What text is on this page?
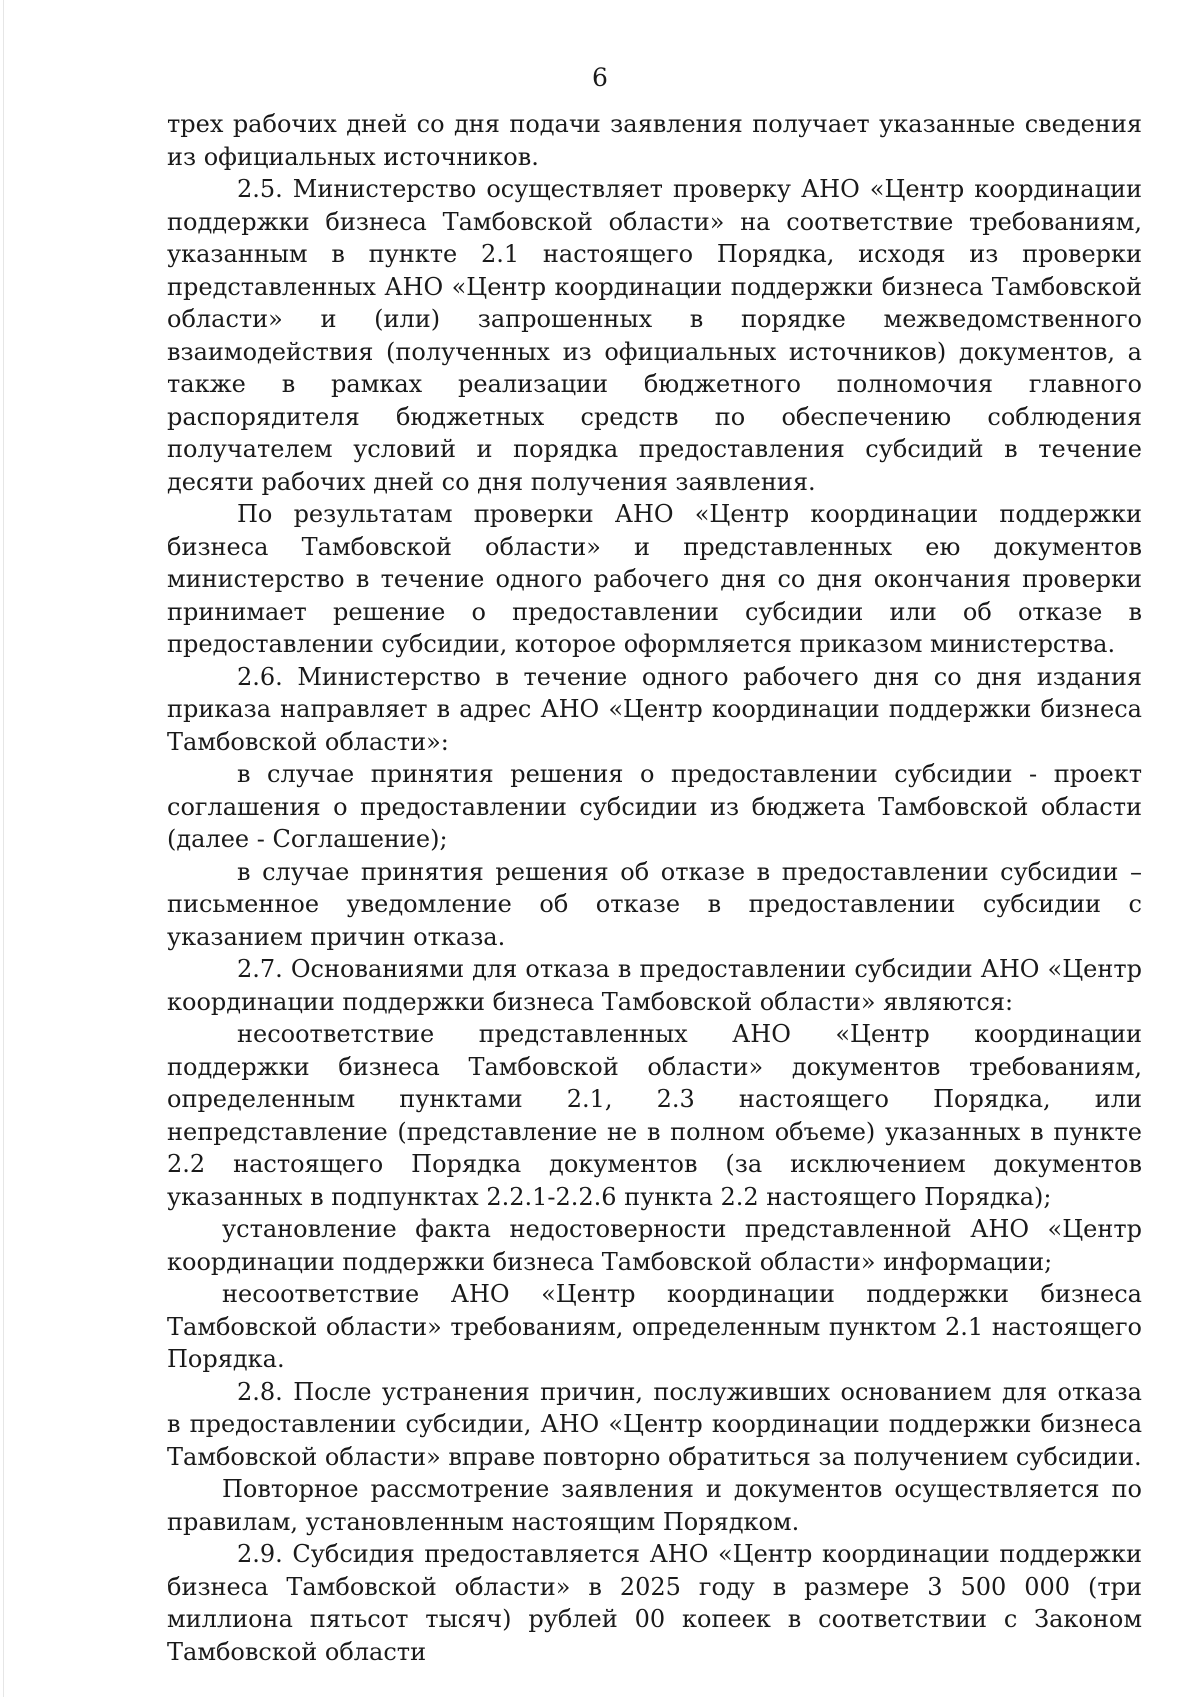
6

трех рабочих дней со дня подачи заявления получает указанные сведения из официальных источников.

2.5. Министерство осуществляет проверку АНО «Центр координации поддержки бизнеса Тамбовской области» на соответствие требованиям, указанным в пункте 2.1 настоящего Порядка, исходя из проверки представленных АНО «Центр координации поддержки бизнеса Тамбовской области» и (или) запрошенных в порядке межведомственного взаимодействия (полученных из официальных источников) документов, а также в рамках реализации бюджетного полномочия главного распорядителя бюджетных средств по обеспечению соблюдения получателем условий и порядка предоставления субсидий в течение десяти рабочих дней со дня получения заявления.

По результатам проверки АНО «Центр координации поддержки бизнеса Тамбовской области» и представленных ею документов министерство в течение одного рабочего дня со дня окончания проверки принимает решение о предоставлении субсидии или об отказе в предоставлении субсидии, которое оформляется приказом министерства.

2.6. Министерство в течение одного рабочего дня со дня издания приказа направляет в адрес АНО «Центр координации поддержки бизнеса Тамбовской области»:

в случае принятия решения о предоставлении субсидии - проект соглашения о предоставлении субсидии из бюджета Тамбовской области (далее - Соглашение);

в случае принятия решения об отказе в предоставлении субсидии – письменное уведомление об отказе в предоставлении субсидии с указанием причин отказа.

2.7. Основаниями для отказа в предоставлении субсидии АНО «Центр координации поддержки бизнеса Тамбовской области» являются:

несоответствие представленных АНО «Центр координации поддержки бизнеса Тамбовской области» документов требованиям, определенным пунктами 2.1, 2.3 настоящего Порядка, или непредставление (представление не в полном объеме) указанных в пункте 2.2 настоящего Порядка документов (за исключением документов указанных в подпунктах 2.2.1-2.2.6 пункта 2.2 настоящего Порядка);

установление факта недостоверности представленной АНО «Центр координации поддержки бизнеса Тамбовской области» информации;

несоответствие АНО «Центр координации поддержки бизнеса Тамбовской области» требованиям, определенным пунктом 2.1 настоящего Порядка.

2.8. После устранения причин, послуживших основанием для отказа в предоставлении субсидии, АНО «Центр координации поддержки бизнеса Тамбовской области» вправе повторно обратиться за получением субсидии.

Повторное рассмотрение заявления и документов осуществляется по правилам, установленным настоящим Порядком.

2.9. Субсидия предоставляется АНО «Центр координации поддержки бизнеса Тамбовской области» в 2025 году в размере 3 500 000 (три миллиона пятьсот тысяч) рублей 00 копеек в соответствии с Законом Тамбовской области
